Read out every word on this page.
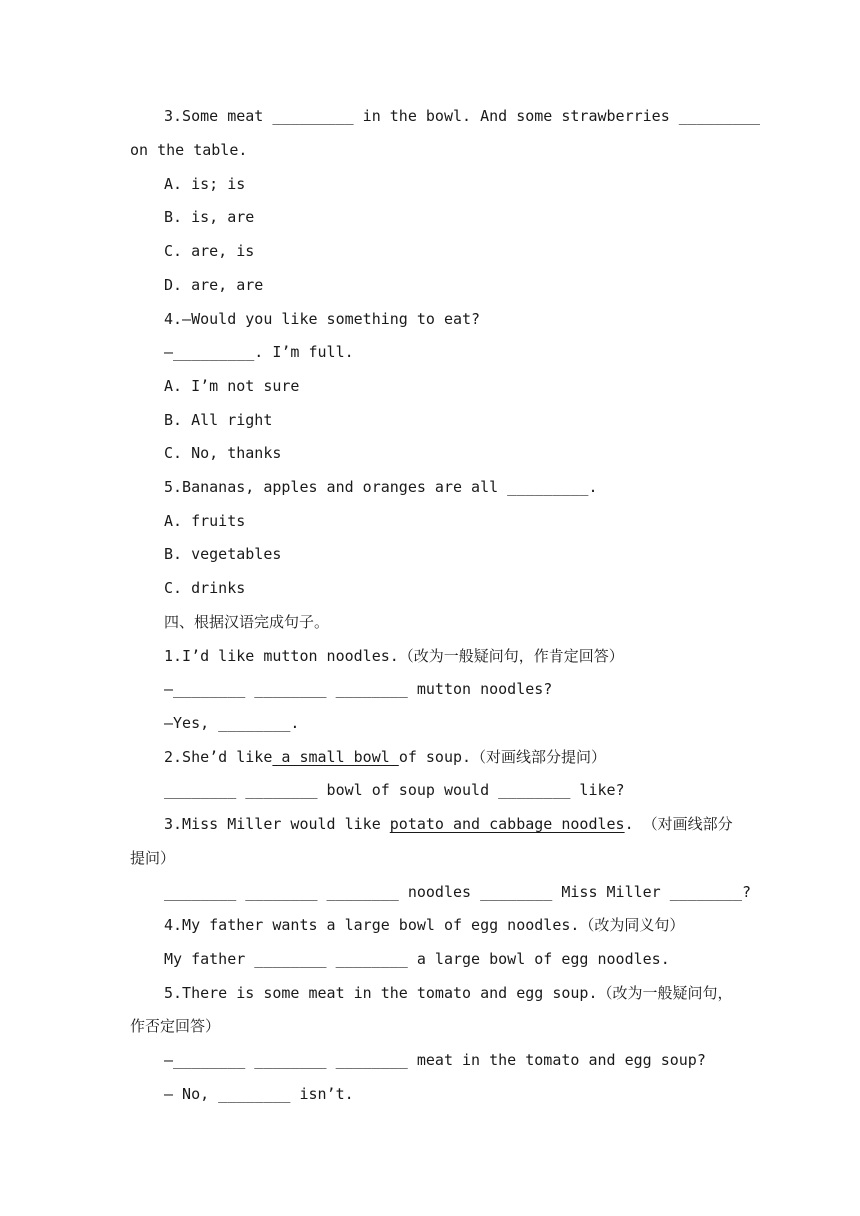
3.Some meat _________ in the bowl. And some strawberries _________
on the table.
A. is; is
B. is, are
C. are, is
D. are, are
4.—Would you like something to eat?
—_________. I’m full.
A. I’m not sure
B. All right
C. No, thanks
5.Bananas, apples and oranges are all _________.
A. fruits
B. vegetables
C. drinks
四、根据汉语完成句子。
1.I’d like mutton noodles.（改为一般疑问句，作肯定回答）
—________ ________ ________ mutton noodles?
—Yes, ________.
2.She’d like a small bowl of soup.（对画线部分提问）
________ ________ bowl of soup would ________ like?
3.Miss Miller would like potato and cabbage noodles. （对画线部分
提问）
________ ________ ________ noodles ________ Miss Miller ________?
4.My father wants a large bowl of egg noodles.（改为同义句）
My father ________ ________ a large bowl of egg noodles.
5.There is some meat in the tomato and egg soup.（改为一般疑问句，
作否定回答）
—________ ________ ________ meat in the tomato and egg soup?
— No, ________ isn’t.
